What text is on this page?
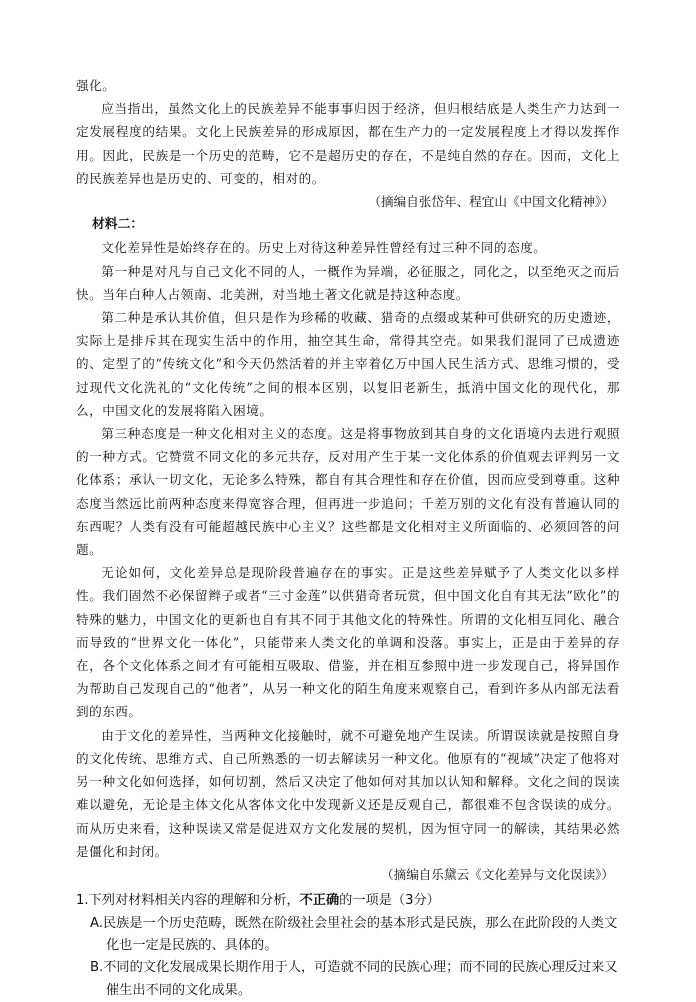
强化。

应当指出，虽然文化上的民族差异不能事事归因于经济，但归根结底是人类生产力达到一定发展程度的结果。文化上民族差异的形成原因，都在生产力的一定发展程度上才得以发挥作用。因此，民族是一个历史的范畴，它不是超历史的存在，不是纯自然的存在。因而，文化上的民族差异也是历史的、可变的，相对的。

（摘编自张岱年、程宜山《中国文化精神》）

材料二：

文化差异性是始终存在的。历史上对待这种差异性曾经有过三种不同的态度。

第一种是对凡与自己文化不同的人，一概作为异端，必征服之，同化之，以至绝灭之而后快。当年白种人占领南、北美洲，对当地土著文化就是持这种态度。

第二种是承认其价值，但只是作为珍稀的收藏、猎奇的点缀或某种可供研究的历史遗迹，实际上是排斥其在现实生活中的作用，抽空其生命，常得其空壳。如果我们混同了已成遗迹的、定型了的“传统文化”和今天仍然活着的并主宰着亿万中国人民生活方式、思维习惯的，受过现代文化洗礼的“文化传统”之间的根本区别，以复旧老新生，抵消中国文化的现代化，那么，中国文化的发展将陷入困境。

第三种态度是一种文化相对主义的态度。这是将事物放到其自身的文化语境内去进行观照的一种方式。它赞赏不同文化的多元共存，反对用产生于某一文化体系的价值观去评判另一文化体系；承认一切文化，无论多么特殊，都自有其合理性和存在价值，因而应受到尊重。这种态度当然远比前两种态度来得宽容合理，但再进一步追问；千差万别的文化有没有普遍认同的东西呢？人类有没有可能超越民族中心主义？这些都是文化相对主义所面临的、必须回答的问题。

无论如何，文化差异总是现阶段普遍存在的事实。正是这些差异赋予了人类文化以多样性。我们固然不必保留辫子或者“三寸金莲”以供猎奇者玩赏，但中国文化自有其无法“欧化”的特殊的魅力，中国文化的更新也自有其不同于其他文化的特殊性。所谓的文化相互同化、融合而导致的“世界文化一体化”，只能带来人类文化的单调和没落。事实上，正是由于差异的存在，各个文化体系之间才有可能相互吸取、借鉴，并在相互参照中进一步发现自己，将异国作为帮助自己发现自己的“他者”，从另一种文化的陌生角度来观察自己，看到许多从内部无法看到的东西。

由于文化的差异性，当两种文化接触时，就不可避免地产生误读。所谓误读就是按照自身的文化传统、思维方式、自己所熟悉的一切去解读另一种文化。他原有的“视域”决定了他将对另一种文化如何选择，如何切割，然后又决定了他如何对其加以认知和解释。文化之间的误读难以避免，无论是主体文化从客体文化中发现新义还是反观自己，都很难不包含误读的成分。而从历史来看，这种误读又常是促进双方文化发展的契机，因为恒守同一的解读，其结果必然是僵化和封闭。

（摘编自乐黛云《文化差异与文化误读》）

1.下列对材料相关内容的理解和分析，不正确的一项是（3分）

A.民族是一个历史范畴，既然在阶级社会里社会的基本形式是民族，那么在此阶段的人类文化也一定是民族的、具体的。

B.不同的文化发展成果长期作用于人，可造就不同的民族心理；而不同的民族心理反过来又催生出不同的文化成果。
